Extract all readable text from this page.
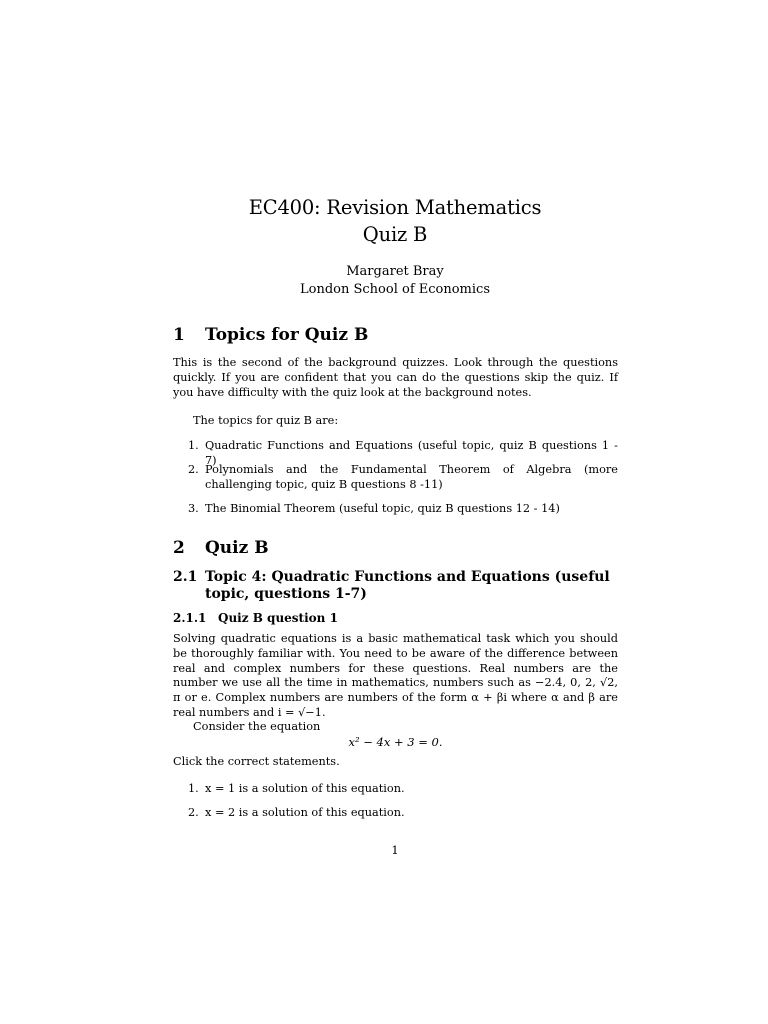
EC400: Revision Mathematics
Quiz B
Margaret Bray
London School of Economics
1 Topics for Quiz B
This is the second of the background quizzes. Look through the questions quickly. If you are confident that you can do the questions skip the quiz. If you have difficulty with the quiz look at the background notes.
The topics for quiz B are:
1. Quadratic Functions and Equations (useful topic, quiz B questions 1 - 7)
2. Polynomials and the Fundamental Theorem of Algebra (more challenging topic, quiz B questions 8 -11)
3. The Binomial Theorem (useful topic, quiz B questions 12 - 14)
2 Quiz B
2.1 Topic 4: Quadratic Functions and Equations (useful
topic, questions 1-7)
2.1.1 Quiz B question 1
Solving quadratic equations is a basic mathematical task which you should be thoroughly familiar with. You need to be aware of the difference between real and complex numbers for these questions. Real numbers are the number we use all the time in mathematics, numbers such as −2.4, 0, 2, √2, π or e. Complex numbers are numbers of the form α + βi where α and β are real numbers and i = √−1.
Consider the equation
x² − 4x + 3 = 0.
Click the correct statements.
1. x = 1 is a solution of this equation.
2. x = 2 is a solution of this equation.
1
